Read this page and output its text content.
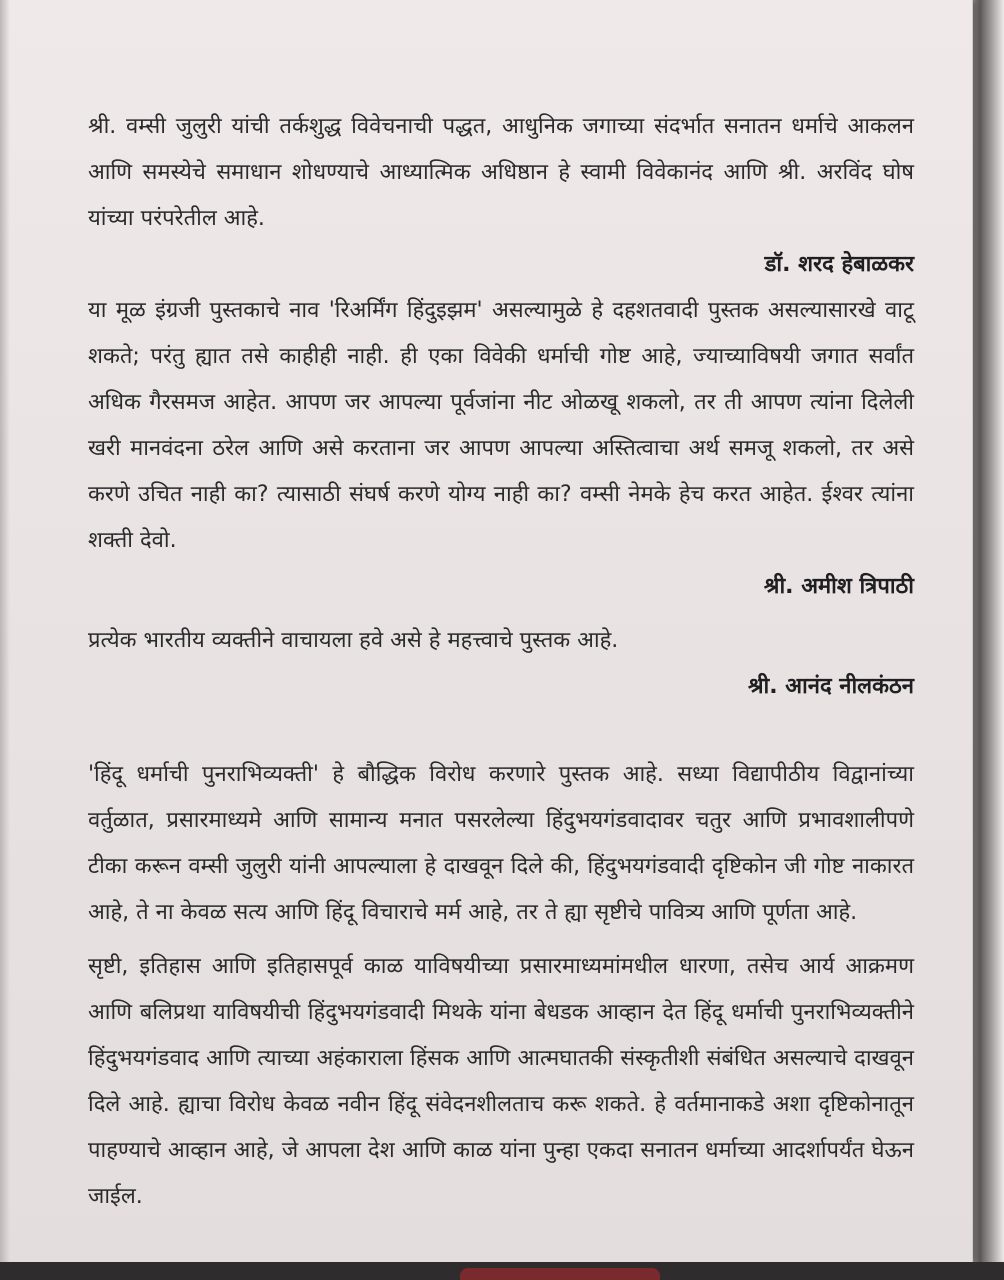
श्री. वम्सी जुलुरी यांची तर्कशुद्ध विवेचनाची पद्धत, आधुनिक जगाच्या संदर्भात सनातन धर्माचे आकलन आणि समस्येचे समाधान शोधण्याचे आध्यात्मिक अधिष्ठान हे स्वामी विवेकानंद आणि श्री. अरविंद घोष यांच्या परंपरेतील आहे.

डॉ. शरद हेबाळकर

या मूळ इंग्रजी पुस्तकाचे नाव 'रिअर्मिंग हिंदुइझम' असल्यामुळे हे दहशतवादी पुस्तक असल्यासारखे वाटू शकते; परंतु ह्यात तसे काहीही नाही. ही एका विवेकी धर्माची गोष्ट आहे, ज्याच्याविषयी जगात सर्वांत अधिक गैरसमज आहेत. आपण जर आपल्या पूर्वजांना नीट ओळखू शकलो, तर ती आपण त्यांना दिलेली खरी मानवंदना ठरेल आणि असे करताना जर आपण आपल्या अस्तित्वाचा अर्थ समजू शकलो, तर असे करणे उचित नाही का? त्यासाठी संघर्ष करणे योग्य नाही का? वम्सी नेमके हेच करत आहेत. ईश्वर त्यांना शक्ती देवो.

श्री. अमीश त्रिपाठी

प्रत्येक भारतीय व्यक्तीने वाचायला हवे असे हे महत्त्वाचे पुस्तक आहे.

श्री. आनंद नीलकंठन

'हिंदू धर्माची पुनराभिव्यक्ती' हे बौद्धिक विरोध करणारे पुस्तक आहे. सध्या विद्यापीठीय विद्वानांच्या वर्तुळात, प्रसारमाध्यमे आणि सामान्य मनात पसरलेल्या हिंदुभयगंडवादावर चतुर आणि प्रभावशालीपणे टीका करून वम्सी जुलुरी यांनी आपल्याला हे दाखवून दिले की, हिंदुभयगंडवादी दृष्टिकोन जी गोष्ट नाकारत आहे, ते ना केवळ सत्य आणि हिंदू विचाराचे मर्म आहे, तर ते ह्या सृष्टीचे पावित्र्य आणि पूर्णता आहे.

सृष्टी, इतिहास आणि इतिहासपूर्व काळ याविषयीच्या प्रसारमाध्यमांमधील धारणा, तसेच आर्य आक्रमण आणि बलिप्रथा याविषयीची हिंदुभयगंडवादी मिथके यांना बेधडक आव्हान देत हिंदू धर्माची पुनराभिव्यक्तीने हिंदुभयगंडवाद आणि त्याच्या अहंकाराला हिंसक आणि आत्मघातकी संस्कृतीशी संबंधित असल्याचे दाखवून दिले आहे. ह्याचा विरोध केवळ नवीन हिंदू संवेदनशीलताच करू शकते. हे वर्तमानाकडे अशा दृष्टिकोनातून पाहण्याचे आव्हान आहे, जे आपला देश आणि काळ यांना पुन्हा एकदा सनातन धर्माच्या आदर्शापर्यंत घेऊन जाईल.
